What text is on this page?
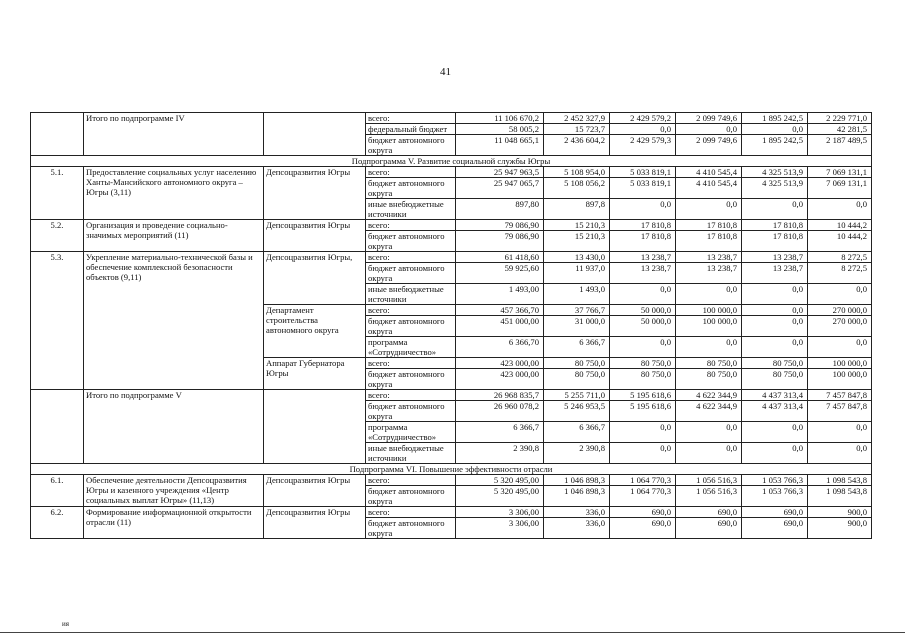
41
	Итого по подпрограмме IV		всего:	11 106 670,2	2 452 327,9	2 429 579,2	2 099 749,6	1 895 242,5	2 229 771,0
			федеральный бюджет	58 005,2	15 723,7	0,0	0,0	0,0	42 281,5
			бюджет автономного округа	11 048 665,1	2 436 604,2	2 429 579,3	2 099 749,6	1 895 242,5	2 187 489,5
Подпрограмма V. Развитие социальной службы Югры									
5.1.	Предоставление социальных услуг населению Ханты-Мансийского автономного округа – Югры (3,11)	Депсоцразвития Югры	всего:	25 947 963,5	5 108 954,0	5 033 819,1	4 410 545,4	4 325 513,9	7 069 131,1
			бюджет автономного округа	25 947 065,7	5 108 056,2	5 033 819,1	4 410 545,4	4 325 513,9	7 069 131,1
			иные внебюджетные источники	897,80	897,8	0,0	0,0	0,0	0,0
5.2.	Организация и проведение социально-значимых мероприятий (11)	Депсоцразвития Югры	всего:	79 086,90	15 210,3	17 810,8	17 810,8	17 810,8	10 444,2
			бюджет автономного округа	79 086,90	15 210,3	17 810,8	17 810,8	17 810,8	10 444,2
5.3.	Укрепление материально-технической базы и обеспечение комплексной безопасности объектов (9,11)	Депсоцразвития Югры,	всего:	61 418,60	13 430,0	13 238,7	13 238,7	13 238,7	8 272,5
			бюджет автономного округа	59 925,60	11 937,0	13 238,7	13 238,7	13 238,7	8 272,5
			иные внебюджетные источники	1 493,00	1 493,0	0,0	0,0	0,0	0,0
		Департамент строительства автономного округа	всего:	457 366,70	37 766,7	50 000,0	100 000,0	0,0	270 000,0
			бюджет автономного округа	451 000,00	31 000,0	50 000,0	100 000,0	0,0	270 000,0
			программа «Сотрудничество»	6 366,70	6 366,7	0,0	0,0	0,0	0,0
		Аппарат Губернатора Югры	всего:	423 000,00	80 750,0	80 750,0	80 750,0	80 750,0	100 000,0
			бюджет автономного округа	423 000,00	80 750,0	80 750,0	80 750,0	80 750,0	100 000,0
	Итого по подпрограмме V		всего:	26 968 835,7	5 255 711,0	5 195 618,6	4 622 344,9	4 437 313,4	7 457 847,8
			бюджет автономного округа	26 960 078,2	5 246 953,5	5 195 618,6	4 622 344,9	4 437 313,4	7 457 847,8
			программа «Сотрудничество»	6 366,7	6 366,7	0,0	0,0	0,0	0,0
			иные внебюджетные источники	2 390,8	2 390,8	0,0	0,0	0,0	0,0
Подпрограмма VI. Повышение эффективности отрасли									
6.1.	Обеспечение деятельности Депсоцразвития Югры и казенного учреждения «Центр социальных выплат Югры» (11,13)	Депсоцразвития Югры	всего:	5 320 495,00	1 046 898,3	1 064 770,3	1 056 516,3	1 053 766,3	1 098 543,8
			бюджет автономного округа	5 320 495,00	1 046 898,3	1 064 770,3	1 056 516,3	1 053 766,3	1 098 543,8
6.2.	Формирование информационной открытости отрасли (11)	Депсоцразвития Югры	всего:	3 306,00	336,0	690,0	690,0	690,0	900,0
			бюджет автономного округа	3 306,00	336,0	690,0	690,0	690,0	900,0
ия
